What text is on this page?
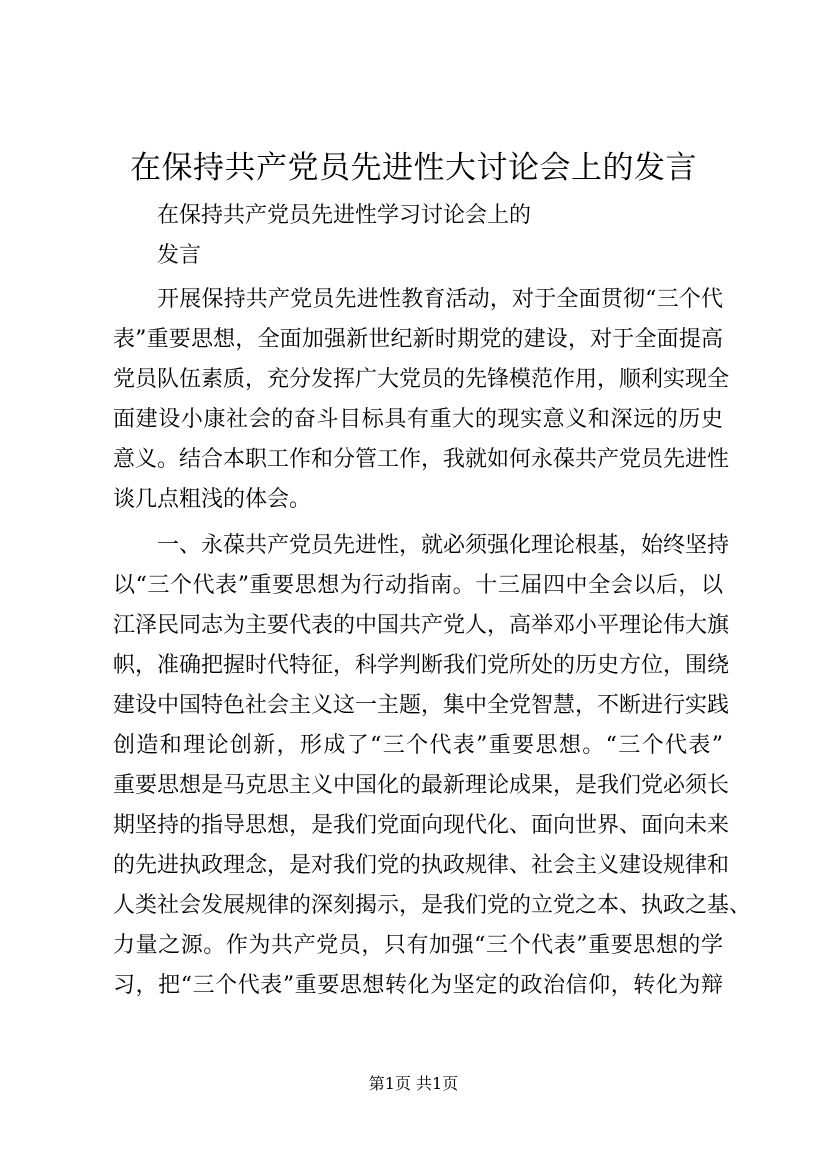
在保持共产党员先进性大讨论会上的发言
在保持共产党员先进性学习讨论会上的
发言
开展保持共产党员先进性教育活动，对于全面贯彻“三个代
表”重要思想，全面加强新世纪新时期党的建设，对于全面提高
党员队伍素质，充分发挥广大党员的先锋模范作用，顺利实现全
面建设小康社会的奋斗目标具有重大的现实意义和深远的历史
意义。结合本职工作和分管工作，我就如何永葆共产党员先进性
谈几点粗浅的体会。
一、永葆共产党员先进性，就必须强化理论根基，始终坚持
以“三个代表”重要思想为行动指南。十三届四中全会以后，以
江泽民同志为主要代表的中国共产党人，高举邓小平理论伟大旗
帜，准确把握时代特征，科学判断我们党所处的历史方位，围绕
建设中国特色社会主义这一主题，集中全党智慧，不断进行实践
创造和理论创新，形成了“三个代表”重要思想。“三个代表”
重要思想是马克思主义中国化的最新理论成果，是我们党必须长
期坚持的指导思想，是我们党面向现代化、面向世界、面向未来
的先进执政理念，是对我们党的执政规律、社会主义建设规律和
人类社会发展规律的深刻揭示，是我们党的立党之本、执政之基、
力量之源。作为共产党员，只有加强“三个代表”重要思想的学
习，把“三个代表”重要思想转化为坚定的政治信仰，转化为辩
第1页 共1页
